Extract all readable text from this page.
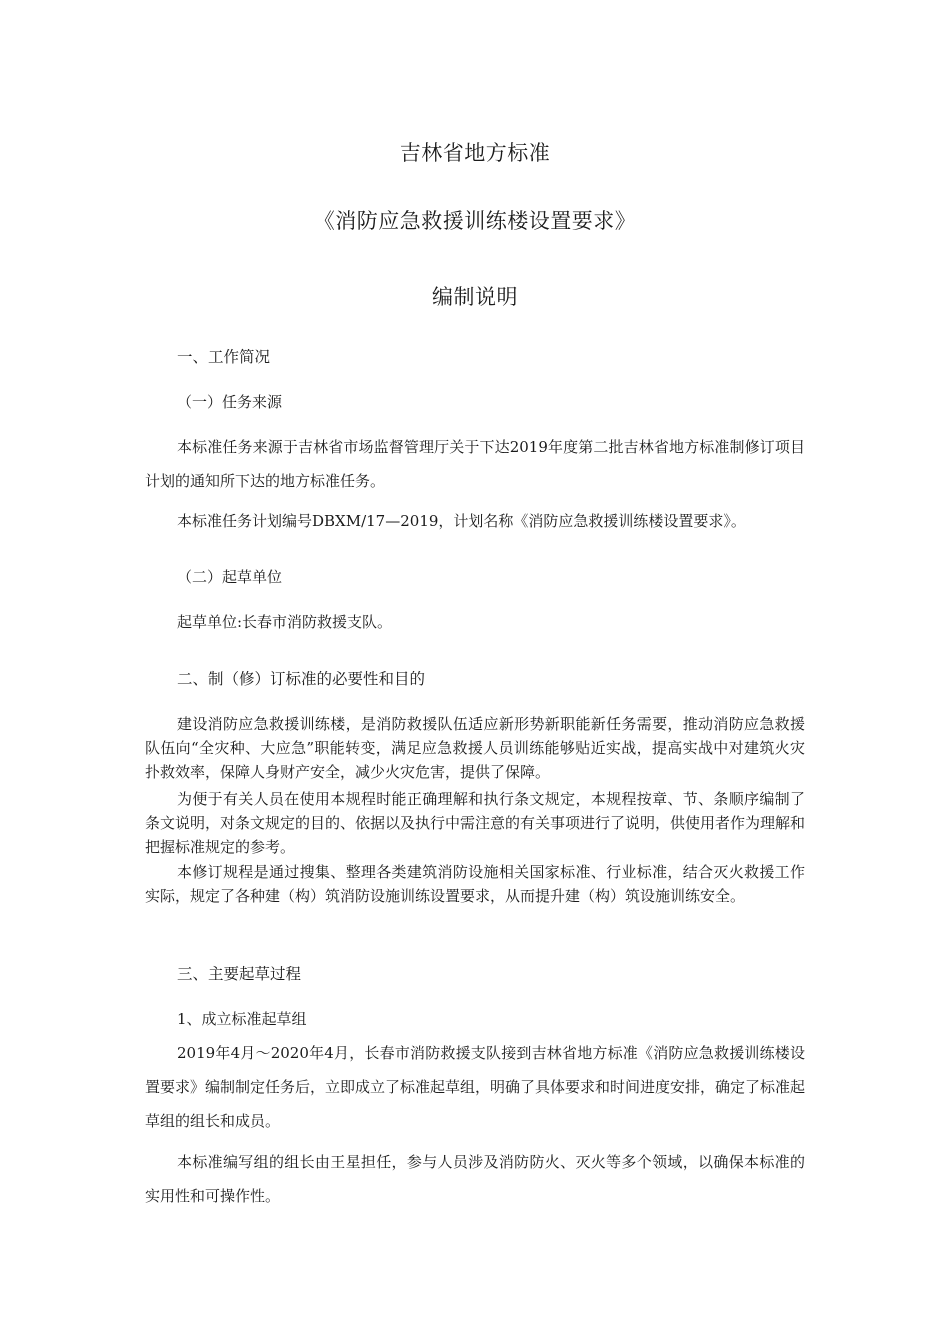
吉林省地方标准
《消防应急救援训练楼设置要求》
编制说明
一、工作简况
（一）任务来源

本标准任务来源于吉林省市场监督管理厅关于下达2019年度第二批吉林省地方标准制修订项目计划的通知所下达的地方标准任务。

本标准任务计划编号DBXM/17—2019，计划名称《消防应急救援训练楼设置要求》。

（二）起草单位

起草单位:长春市消防救援支队。

二、制（修）订标准的必要性和目的

建设消防应急救援训练楼，是消防救援队伍适应新形势新职能新任务需要，推动消防应急救援队伍向“全灾种、大应急”职能转变，满足应急救援人员训练能够贴近实战，提高实战中对建筑火灾扑救效率，保障人身财产安全，减少火灾危害，提供了保障。

为便于有关人员在使用本规程时能正确理解和执行条文规定，本规程按章、节、条顺序编制了条文说明，对条文规定的目的、依据以及执行中需注意的有关事项进行了说明，供使用者作为理解和把握标准规定的参考。

本修订规程是通过搜集、整理各类建筑消防设施相关国家标准、行业标准，结合灭火救援工作实际，规定了各种建（构）筑消防设施训练设置要求，从而提升建（构）筑设施训练安全。

三、主要起草过程
1、成立标准起草组

2019年4月～2020年4月，长春市消防救援支队接到吉林省地方标准《消防应急救援训练楼设置要求》编制制定任务后，立即成立了标准起草组，明确了具体要求和时间进度安排，确定了标准起草组的组长和成员。

本标准编写组的组长由王星担任，参与人员涉及消防防火、灭火等多个领域，以确保本标准的实用性和可操作性。
